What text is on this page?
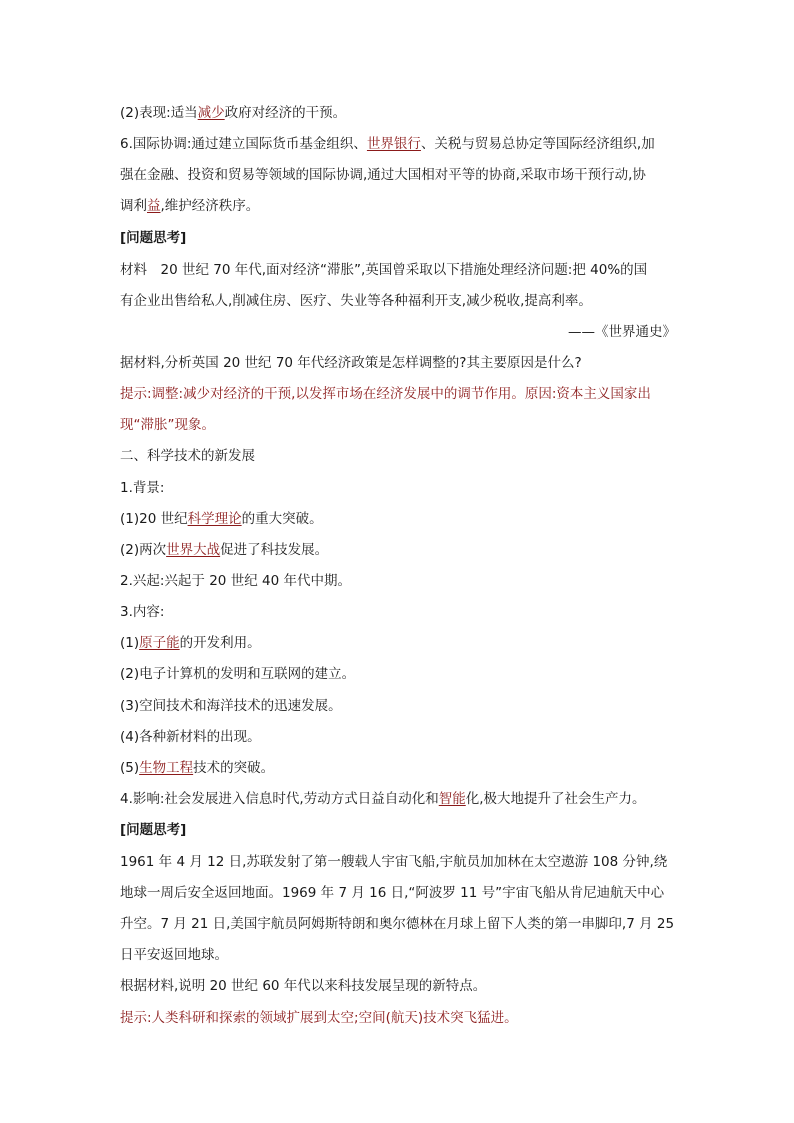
(2)表现:适当减少政府对经济的干预。
6.国际协调:通过建立国际货币基金组织、世界银行、关税与贸易总协定等国际经济组织,加
强在金融、投资和贸易等领域的国际协调,通过大国相对平等的协商,采取市场干预行动,协
调利益,维护经济秩序。
[问题思考]
材料　20 世纪 70 年代,面对经济“滞胀”,英国曾采取以下措施处理经济问题:把 40%的国
有企业出售给私人,削减住房、医疗、失业等各种福利开支,减少税收,提高利率。
——《世界通史》
据材料,分析英国 20 世纪 70 年代经济政策是怎样调整的?其主要原因是什么?
提示:调整:减少对经济的干预,以发挥市场在经济发展中的调节作用。原因:资本主义国家出
现“滞胀”现象。
二、科学技术的新发展
1.背景:
(1)20 世纪科学理论的重大突破。
(2)两次世界大战促进了科技发展。
2.兴起:兴起于 20 世纪 40 年代中期。
3.内容:
(1)原子能的开发利用。
(2)电子计算机的发明和互联网的建立。
(3)空间技术和海洋技术的迅速发展。
(4)各种新材料的出现。
(5)生物工程技术的突破。
4.影响:社会发展进入信息时代,劳动方式日益自动化和智能化,极大地提升了社会生产力。
[问题思考]
1961 年 4 月 12 日,苏联发射了第一艘载人宇宙飞船,宇航员加加林在太空遨游 108 分钟,绕
地球一周后安全返回地面。1969 年 7 月 16 日,“阿波罗 11 号”宇宙飞船从肯尼迪航天中心
升空。7 月 21 日,美国宇航员阿姆斯特朗和奥尔德林在月球上留下人类的第一串脚印,7 月 25
日平安返回地球。
根据材料,说明 20 世纪 60 年代以来科技发展呈现的新特点。
提示:人类科研和探索的领域扩展到太空;空间(航天)技术突飞猛进。
